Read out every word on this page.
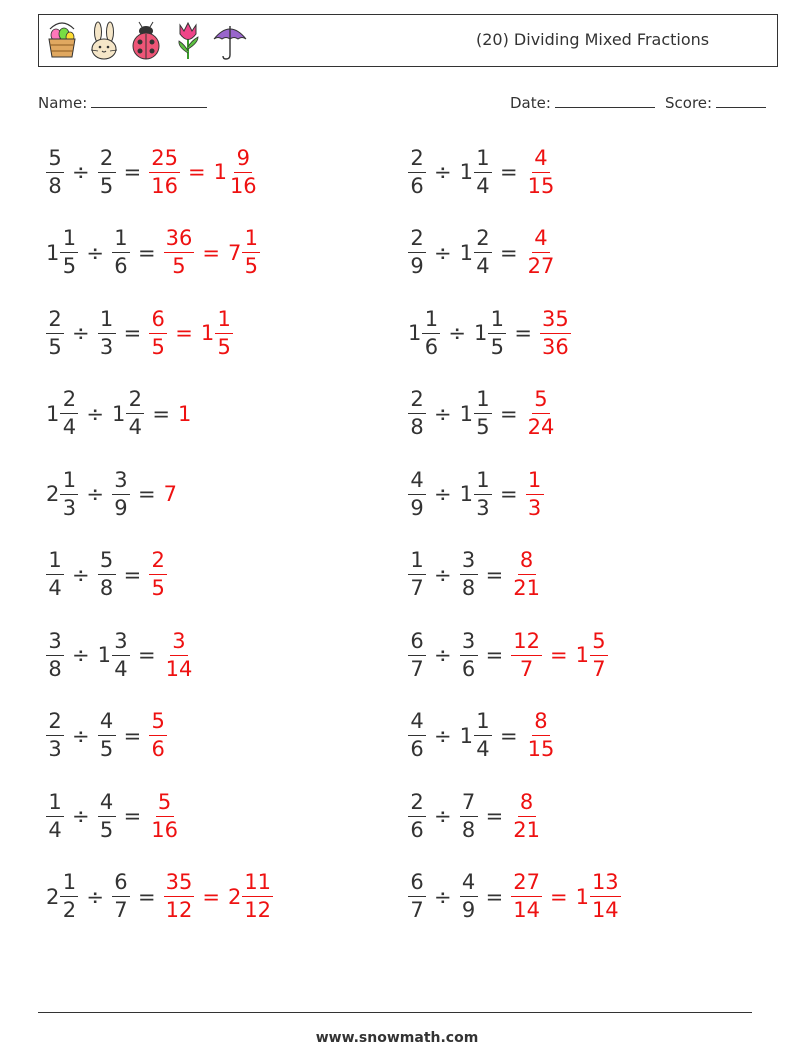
(20) Dividing Mixed Fractions
Name:	Date:	Score:
$\frac{5}{8} \div \frac{2}{5} = \frac{25}{16} = 1 \frac{9}{16}$	$\frac{2}{6} \div 1 \frac{1}{4} = \frac{4}{15}$
$1 \frac{1}{5} \div \frac{1}{6} = \frac{36}{5} = 7 \frac{1}{5}$	$\frac{2}{9} \div 1 \frac{2}{4} = \frac{4}{27}$
$\frac{2}{5} \div \frac{1}{3} = \frac{6}{5} = 1 \frac{1}{5}$	$1 \frac{1}{6} \div 1 \frac{1}{5} = \frac{35}{36}$
$1 \frac{2}{4} \div 1 \frac{2}{4} = 1$	$\frac{2}{8} \div 1 \frac{1}{5} = \frac{5}{24}$
$2 \frac{1}{3} \div \frac{3}{9} = 7$	$\frac{4}{9} \div 1 \frac{1}{3} = \frac{1}{3}$
$\frac{1}{4} \div \frac{5}{8} = \frac{2}{5}$	$\frac{1}{7} \div \frac{3}{8} = \frac{8}{21}$
$\frac{3}{8} \div 1 \frac{3}{4} = \frac{3}{14}$	$\frac{6}{7} \div \frac{3}{6} = \frac{12}{7} = 1 \frac{5}{7}$
$\frac{2}{3} \div \frac{4}{5} = \frac{5}{6}$	$\frac{4}{6} \div 1 \frac{1}{4} = \frac{8}{15}$
$\frac{1}{4} \div \frac{4}{5} = \frac{5}{16}$	$\frac{2}{6} \div \frac{7}{8} = \frac{8}{21}$
$2 \frac{1}{2} \div \frac{6}{7} = \frac{35}{12} = 2 \frac{11}{12}$	$\frac{6}{7} \div \frac{4}{9} = \frac{27}{14} = 1 \frac{13}{14}$
www.snowmath.com
